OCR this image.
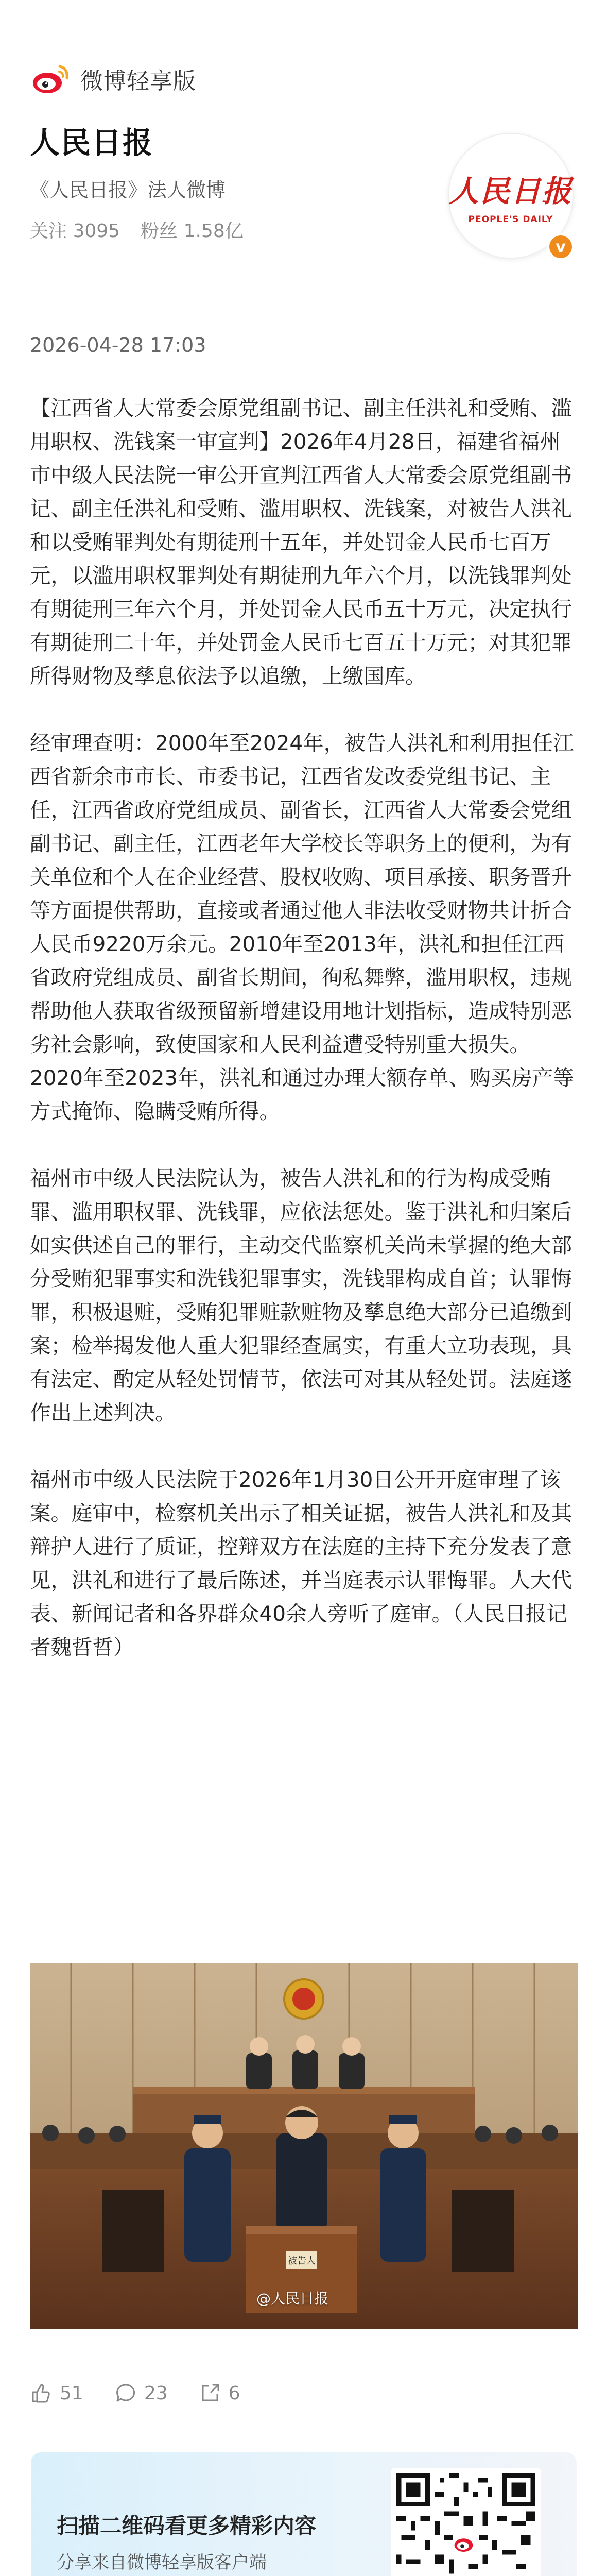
微博轻享版
人民日报
《人民日报》法人微博
关注 3095 粉丝 1.58亿
人民日报
PEOPLE'S DAILY
v
2026-04-28 17:03

【江西省人大常委会原党组副书记、副主任洪礼和受贿、滥用职权、洗钱案一审宣判】2026年4月28日，福建省福州市中级人民法院一审公开宣判江西省人大常委会原党组副书记、副主任洪礼和受贿、滥用职权、洗钱案，对被告人洪礼和以受贿罪判处有期徒刑十五年，并处罚金人民币七百万元，以滥用职权罪判处有期徒刑九年六个月，以洗钱罪判处有期徒刑三年六个月，并处罚金人民币五十万元，决定执行有期徒刑二十年，并处罚金人民币七百五十万元；对其犯罪所得财物及孳息依法予以追缴，上缴国库。

经审理查明：2000年至2024年，被告人洪礼和利用担任江西省新余市市长、市委书记，江西省发改委党组书记、主任，江西省政府党组成员、副省长，江西省人大常委会党组副书记、副主任，江西老年大学校长等职务上的便利，为有关单位和个人在企业经营、股权收购、项目承接、职务晋升等方面提供帮助，直接或者通过他人非法收受财物共计折合人民币9220万余元。2010年至2013年，洪礼和担任江西省政府党组成员、副省长期间，徇私舞弊，滥用职权，违规帮助他人获取省级预留新增建设用地计划指标，造成特别恶劣社会影响，致使国家和人民利益遭受特别重大损失。2020年至2023年，洪礼和通过办理大额存单、购买房产等方式掩饰、隐瞒受贿所得。

福州市中级人民法院认为，被告人洪礼和的行为构成受贿罪、滥用职权罪、洗钱罪，应依法惩处。鉴于洪礼和归案后如实供述自己的罪行，主动交代监察机关尚未掌握的绝大部分受贿犯罪事实和洗钱犯罪事实，洗钱罪构成自首；认罪悔罪，积极退赃，受贿犯罪赃款赃物及孳息绝大部分已追缴到案；检举揭发他人重大犯罪经查属实，有重大立功表现，具有法定、酌定从轻处罚情节，依法可对其从轻处罚。法庭遂作出上述判决。

福州市中级人民法院于2026年1月30日公开开庭审理了该案。庭审中，检察机关出示了相关证据，被告人洪礼和及其辩护人进行了质证，控辩双方在法庭的主持下充分发表了意见，洪礼和进行了最后陈述，并当庭表示认罪悔罪。人大代表、新闻记者和各界群众40余人旁听了庭审。（人民日报记者魏哲哲）

被告人
@人民日报
51	23	6
扫描二维码看更多精彩内容
分享来自微博轻享版客户端
